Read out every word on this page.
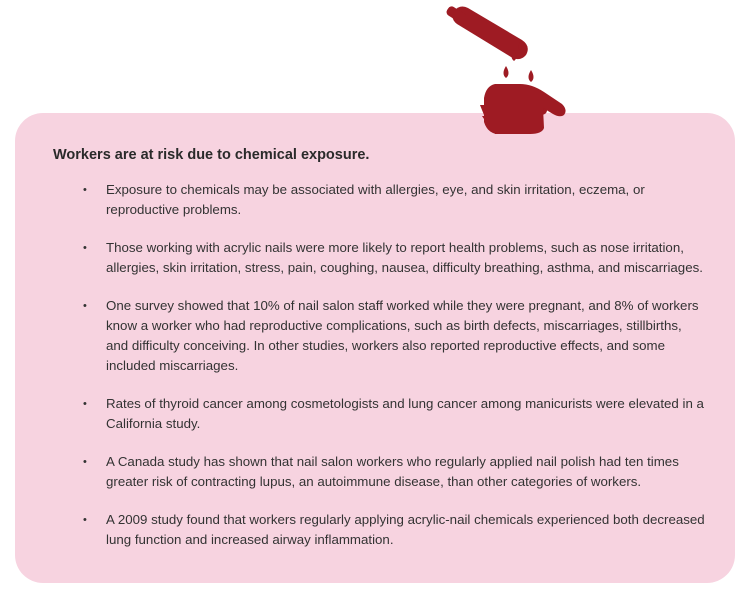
Workers are at risk due to chemical exposure.

• Exposure to chemicals may be associated with allergies, eye, and skin irritation, eczema, or reproductive problems.
• Those working with acrylic nails were more likely to report health problems, such as nose irritation, allergies, skin irritation, stress, pain, coughing, nausea, difficulty breathing, asthma, and miscarriages.
• One survey showed that 10% of nail salon staff worked while they were pregnant, and 8% of workers know a worker who had reproductive complications, such as birth defects, miscarriages, stillbirths, and difficulty conceiving. In other studies, workers also reported reproductive effects, and some included miscarriages.
• Rates of thyroid cancer among cosmetologists and lung cancer among manicurists were elevated in a California study.
• A Canada study has shown that nail salon workers who regularly applied nail polish had ten times greater risk of contracting lupus, an autoimmune disease, than other categories of workers.
• A 2009 study found that workers regularly applying acrylic-nail chemicals experienced both decreased lung function and increased airway inflammation.
